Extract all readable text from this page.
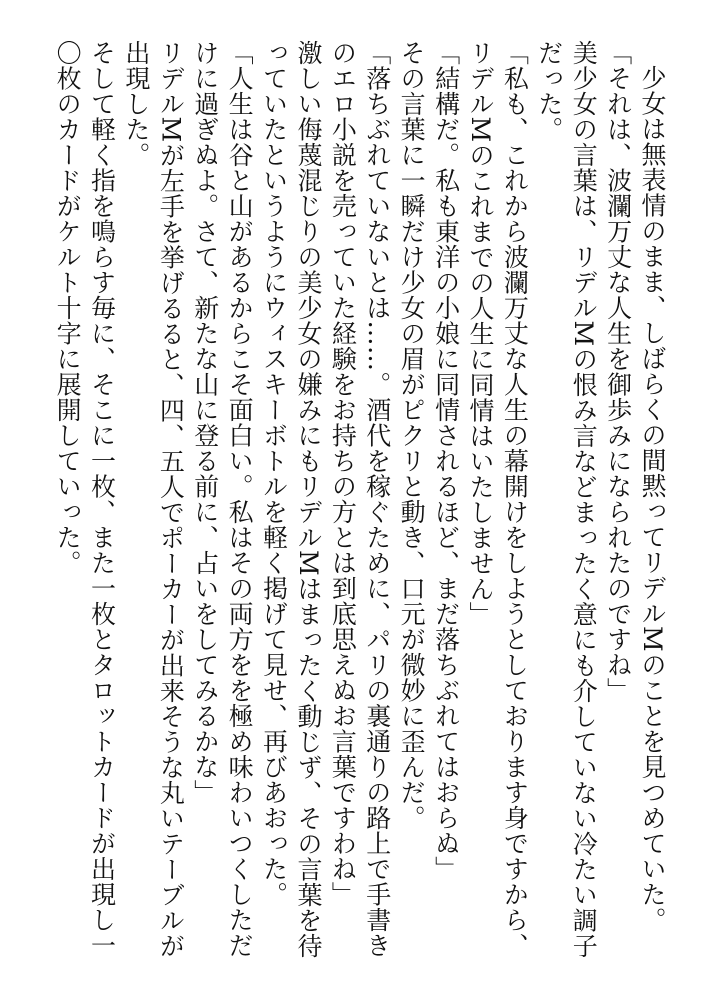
少女は無表情のまま、しばらくの間黙ってリデルMのことを見つめていた。
「それは、波瀾万丈な人生を御歩みになられたのですね」
美少女の言葉は、リデルMの恨み言などまったく意にも介していない冷たい調子だった。
「私も、これから波瀾万丈な人生の幕開けをしようとしております身ですから、リデルMのこれまでの人生に同情はいたしません」
「結構だ。私も東洋の小娘に同情されるほど、まだ落ちぶれてはおらぬ」
その言葉に一瞬だけ少女の眉がピクリと動き、口元が微妙に歪んだ。
「落ちぶれていないとは……。酒代を稼ぐために、パリの裏通りの路上で手書きのエロ小説を売っていた経験をお持ちの方とは到底思えぬお言葉ですわね」
激しい侮蔑混じりの美少女の嫌みにもリデルMはまったく動じず、その言葉を待っていたというようにウィスキーボトルを軽く掲げて見せ、再びあおった。
「人生は谷と山があるからこそ面白い。私はその両方をを極め味わいつくしただけに過ぎぬよ。さて、新たな山に登る前に、占いをしてみるかな」
リデルMが左手を挙げるると、四、五人でポーカーが出来そうな丸いテーブルが出現した。
そして軽く指を鳴らす毎に、そこに一枚、また一枚とタロットカードが出現し一〇枚のカードがケルト十字に展開していった。
